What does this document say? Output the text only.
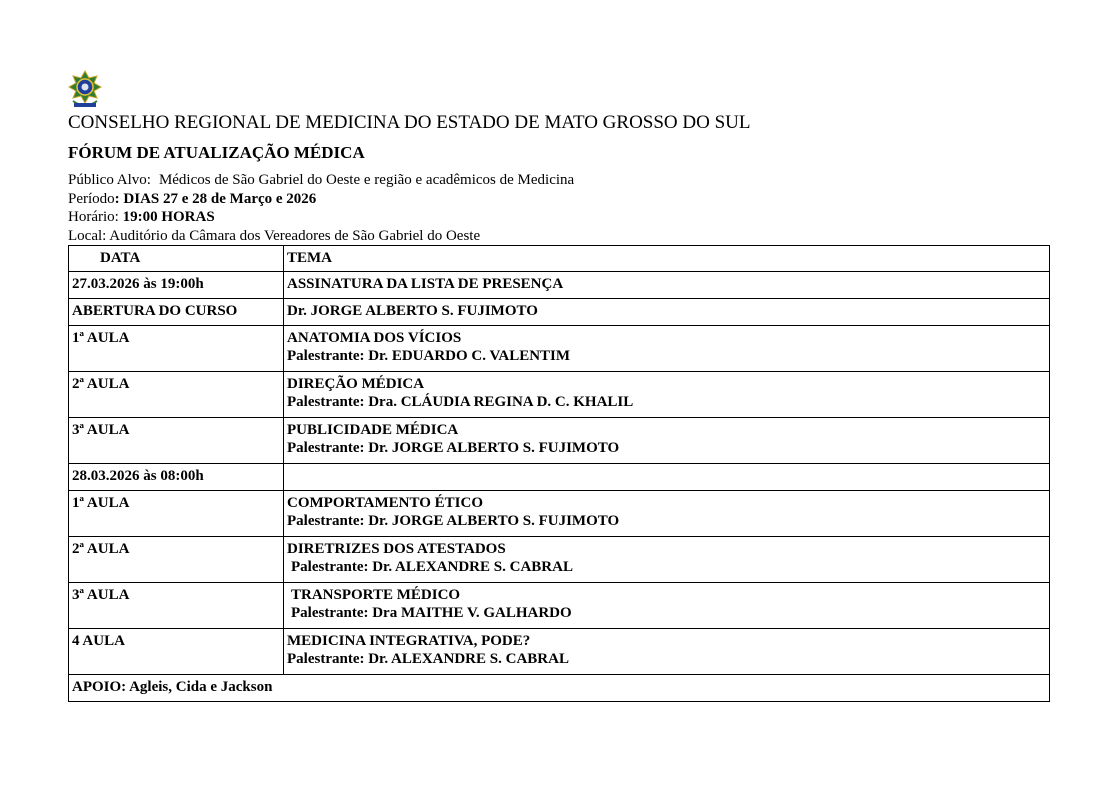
CONSELHO REGIONAL DE MEDICINA DO ESTADO DE MATO GROSSO DO SUL
FÓRUM DE ATUALIZAÇÃO MÉDICA
Público Alvo: Médicos de São Gabriel do Oeste e região e acadêmicos de Medicina
Período: DIAS 27 e 28 de Março e 2026
Horário: 19:00 HORAS
Local: Auditório da Câmara dos Vereadores de São Gabriel do Oeste
DATA	TEMA
27.03.2026 às 19:00h	ASSINATURA DA LISTA DE PRESENÇA

ABERTURA DO CURSO	Dr. JORGE ALBERTO S. FUJIMOTO

1ª AULA	ANATOMIA DOS VÍCIOS
Palestrante: Dr. EDUARDO C. VALENTIM

2ª AULA	DIREÇÃO MÉDICA
Palestrante: Dra. CLÁUDIA REGINA D. C. KHALIL

3ª AULA	PUBLICIDADE MÉDICA
Palestrante: Dr. JORGE ALBERTO S. FUJIMOTO

28.03.2026 às 08:00h	

1ª AULA	COMPORTAMENTO ÉTICO
Palestrante: Dr. JORGE ALBERTO S. FUJIMOTO

2ª AULA	DIRETRIZES DOS ATESTADOS
Palestrante: Dr. ALEXANDRE S. CABRAL

3ª AULA	TRANSPORTE MÉDICO
Palestrante: Dra MAITHE V. GALHARDO

4 AULA	MEDICINA INTEGRATIVA, PODE?
Palestrante: Dr. ALEXANDRE S. CABRAL

APOIO: Agleis, Cida e Jackson	
